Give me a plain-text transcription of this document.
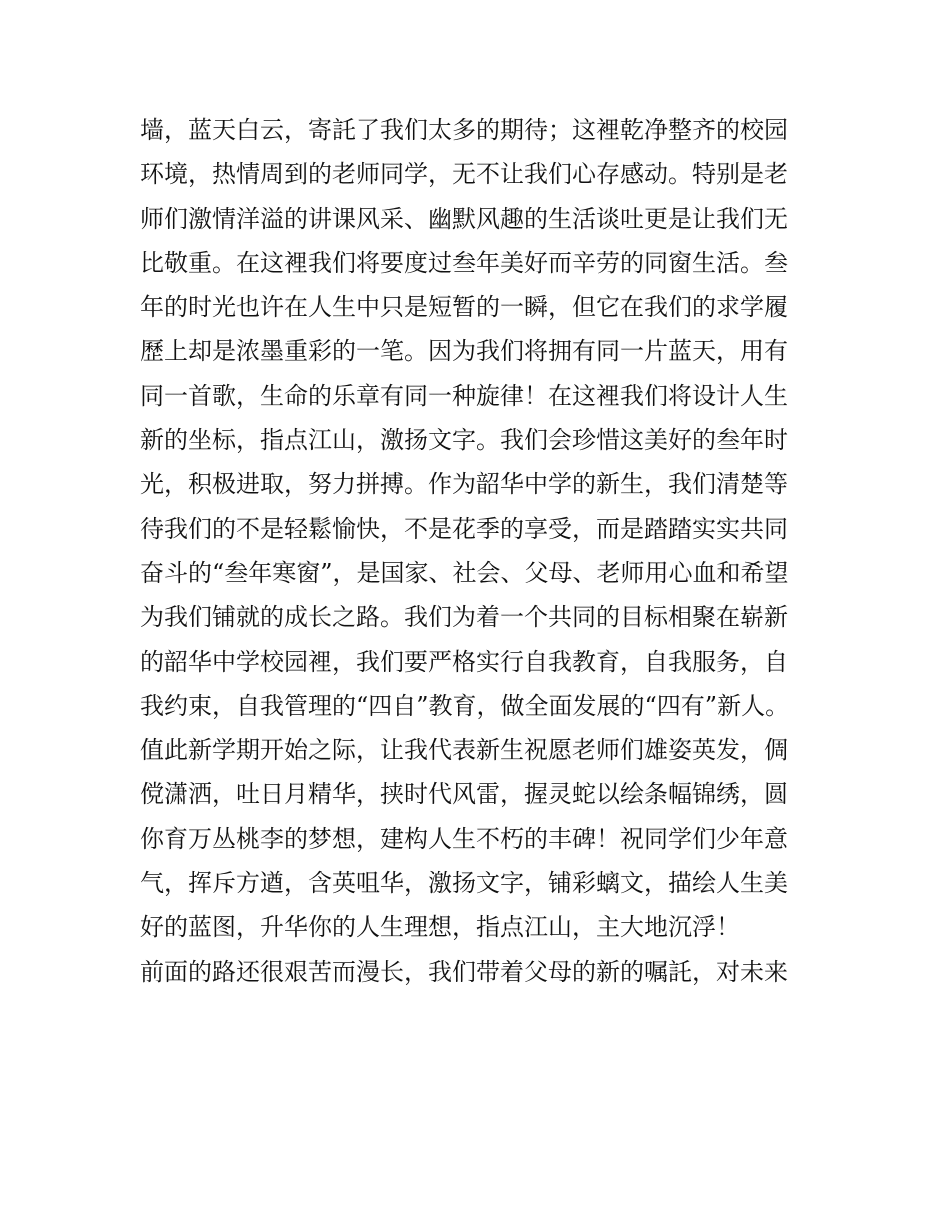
墙，蓝天白云，寄託了我们太多的期待；这裡乾净整齐的校园
环境，热情周到的老师同学，无不让我们心存感动。特别是老
师们激情洋溢的讲课风采、幽默风趣的生活谈吐更是让我们无
比敬重。在这裡我们将要度过叁年美好而辛劳的同窗生活。叁
年的时光也许在人生中只是短暂的一瞬，但它在我们的求学履
歷上却是浓墨重彩的一笔。因为我们将拥有同一片蓝天，用有
同一首歌，生命的乐章有同一种旋律！在这裡我们将设计人生
新的坐标，指点江山，激扬文字。我们会珍惜这美好的叁年时
光，积极进取，努力拼搏。作为韶华中学的新生，我们清楚等
待我们的不是轻鬆愉快，不是花季的享受，而是踏踏实实共同
奋斗的“叁年寒窗”，是国家、社会、父母、老师用心血和希望
为我们铺就的成长之路。我们为着一个共同的目标相聚在崭新
的韶华中学校园裡，我们要严格实行自我教育，自我服务，自
我约束，自我管理的“四自”教育，做全面发展的“四有”新人。
值此新学期开始之际，让我代表新生祝愿老师们雄姿英发，倜
傥潇洒，吐日月精华，挟时代风雷，握灵蛇以绘条幅锦绣，圆
你育万丛桃李的梦想，建构人生不朽的丰碑！祝同学们少年意
气，挥斥方遒，含英咀华，激扬文字，铺彩螭文，描绘人生美
好的蓝图，升华你的人生理想，指点江山，主大地沉浮！
前面的路还很艰苦而漫长，我们带着父母的新的嘱託，对未来
